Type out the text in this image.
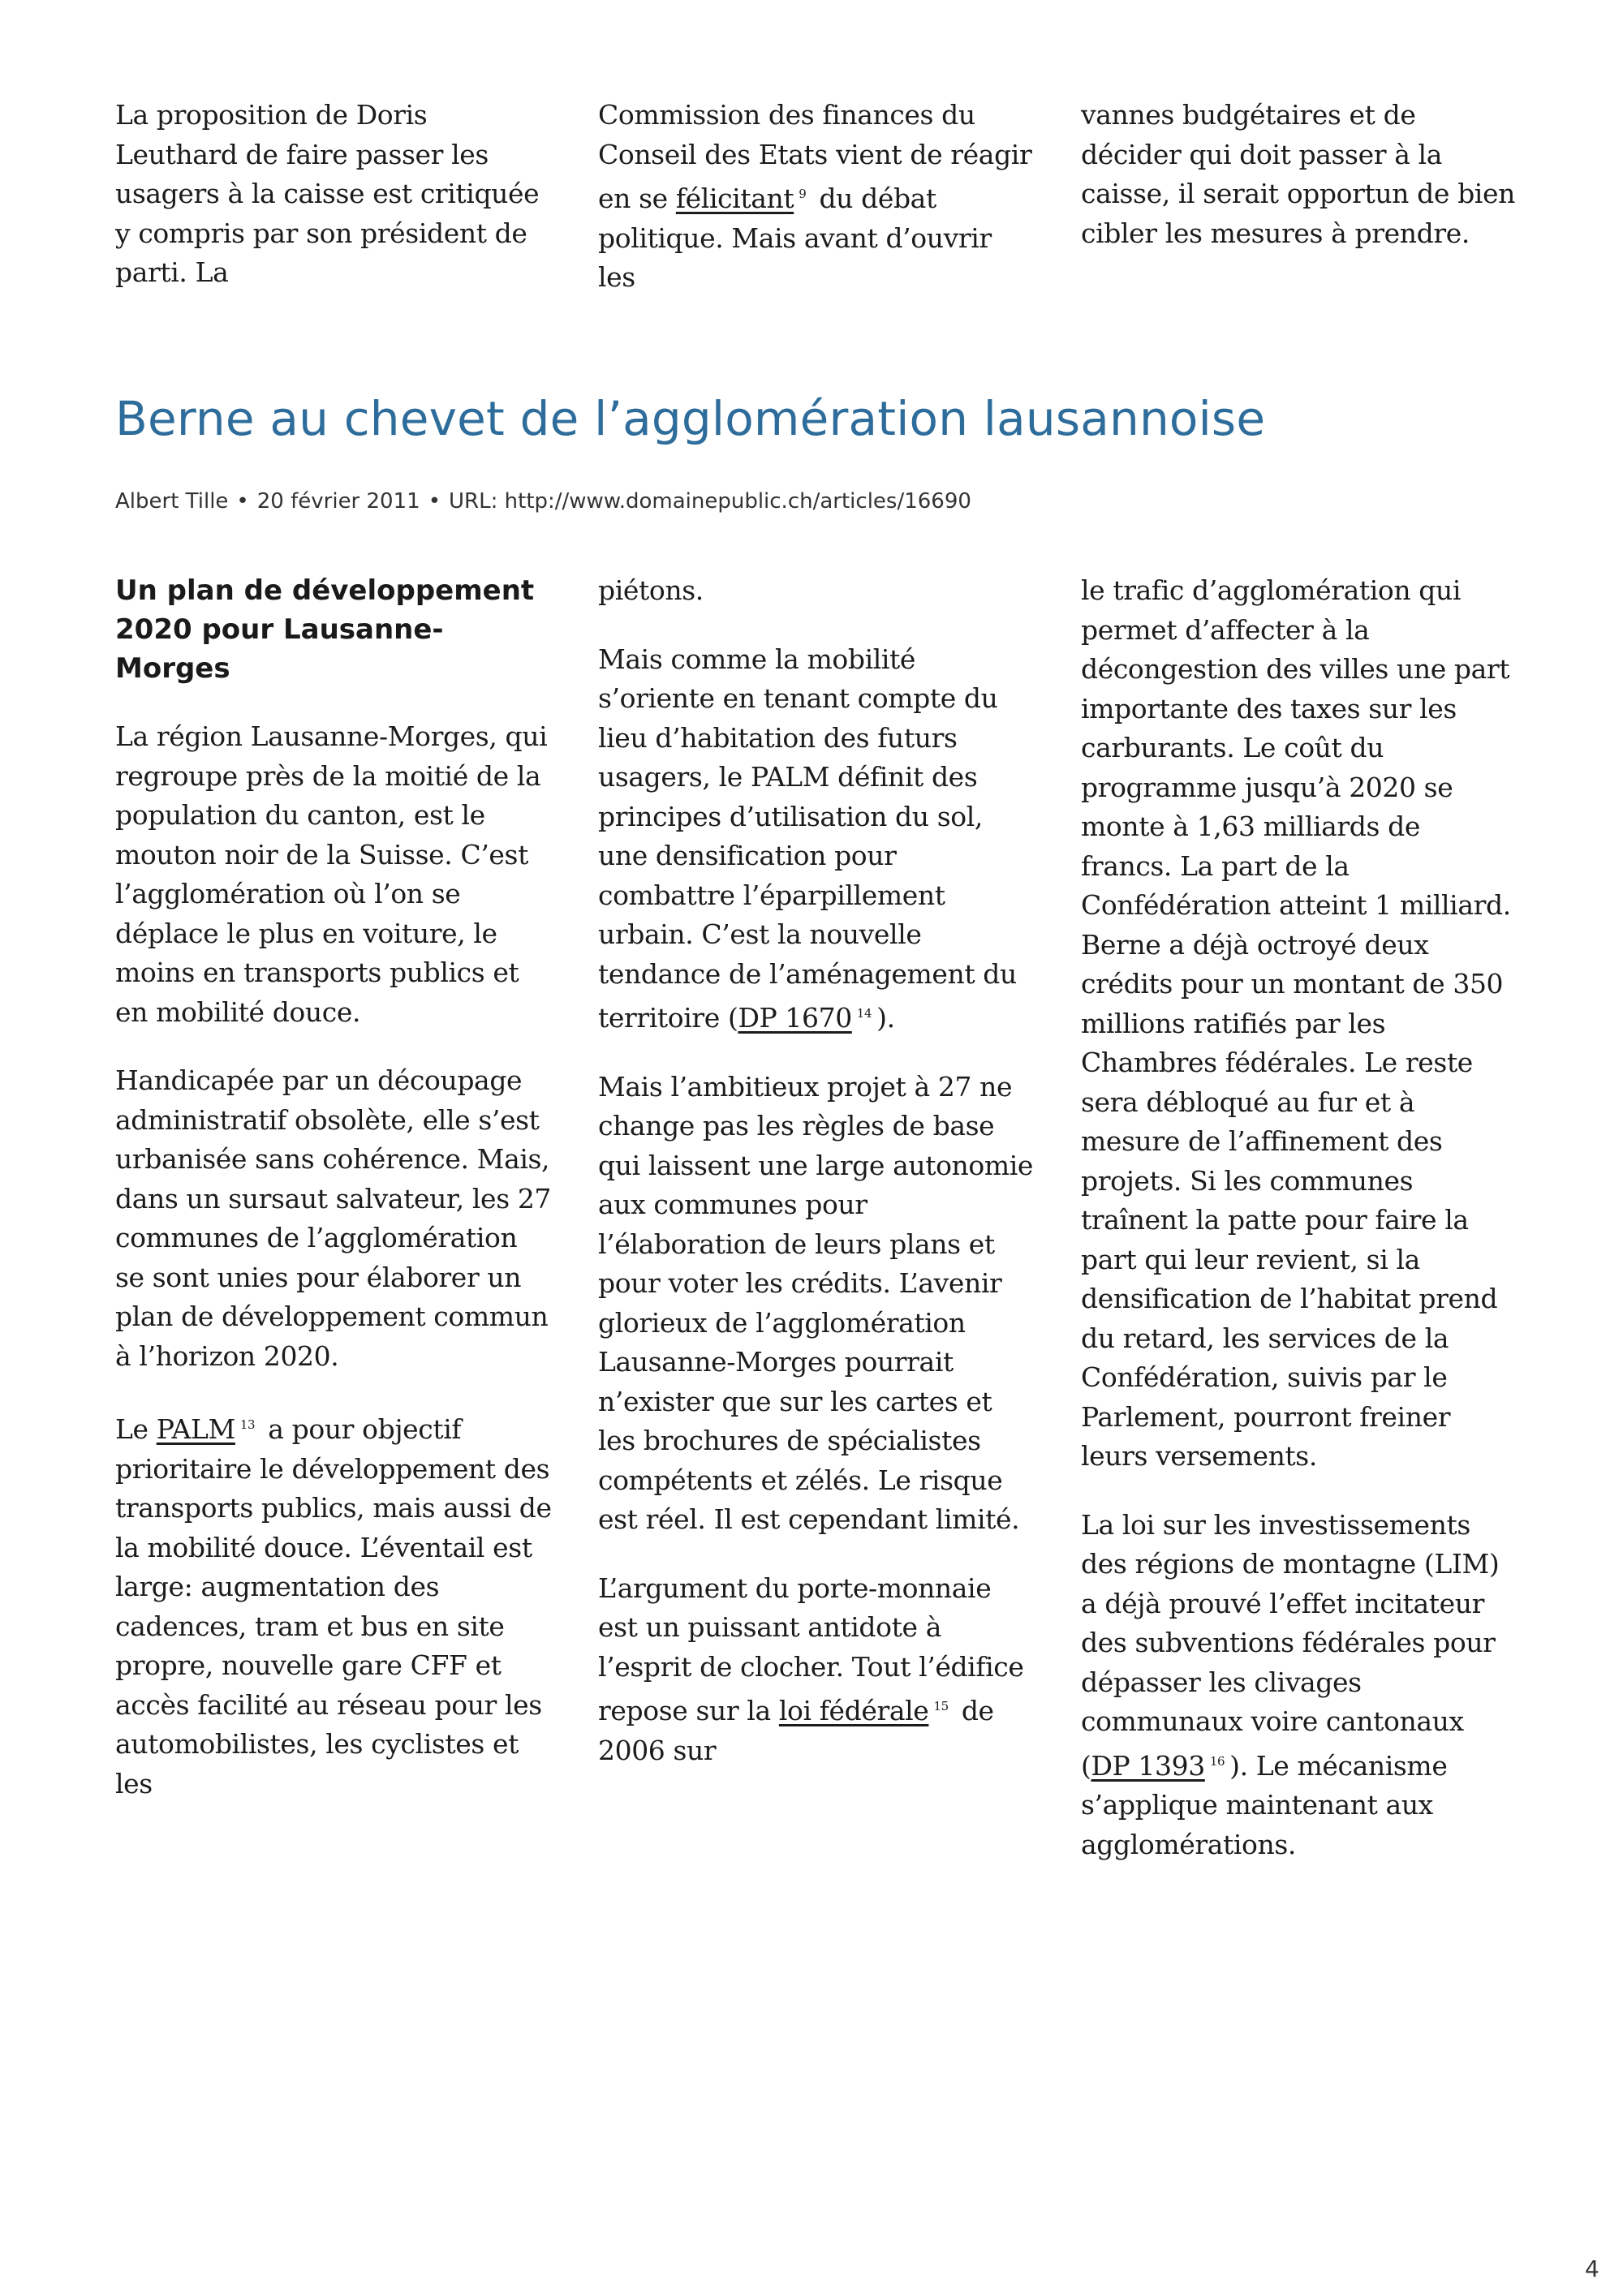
La proposition de Doris Leuthard de faire passer les usagers à la caisse est critiquée y compris par son président de parti. La

Commission des finances du Conseil des Etats vient de réagir en se félicitant $^9$ du débat politique. Mais avant d’ouvrir les

vannes budgétaires et de décider qui doit passer à la caisse, il serait opportun de bien cibler les mesures à prendre.

Berne au chevet de l’agglomération lausannoise
Albert Tille • 20 février 2011 • URL: http://www.domainepublic.ch/articles/16690
Un plan de développement 2020 pour Lausanne-Morges

La région Lausanne-Morges, qui regroupe près de la moitié de la population du canton, est le mouton noir de la Suisse. C’est l’agglomération où l’on se déplace le plus en voiture, le moins en transports publics et en mobilité douce.

Handicapée par un découpage administratif obsolète, elle s’est urbanisée sans cohérence. Mais, dans un sursaut salvateur, les 27 communes de l’agglomération se sont unies pour élaborer un plan de développement commun à l’horizon 2020.

Le PALM $^{13}$ a pour objectif prioritaire le développement des transports publics, mais aussi de la mobilité douce. L’éventail est large: augmentation des cadences, tram et bus en site propre, nouvelle gare CFF et accès facilité au réseau pour les automobilistes, les cyclistes et les

piétons.

Mais comme la mobilité s’oriente en tenant compte du lieu d’habitation des futurs usagers, le PALM définit des principes d’utilisation du sol, une densification pour combattre l’éparpillement urbain. C’est la nouvelle tendance de l’aménagement du territoire (DP 1670 $^{14}$ ).

Mais l’ambitieux projet à 27 ne change pas les règles de base qui laissent une large autonomie aux communes pour l’élaboration de leurs plans et pour voter les crédits. L’avenir glorieux de l’agglomération Lausanne-Morges pourrait n’exister que sur les cartes et les brochures de spécialistes compétents et zélés. Le risque est réel. Il est cependant limité.

L’argument du porte-monnaie est un puissant antidote à l’esprit de clocher. Tout l’édifice repose sur la loi fédérale $^{15}$ de 2006 sur

le trafic d’agglomération qui permet d’affecter à la décongestion des villes une part importante des taxes sur les carburants. Le coût du programme jusqu’à 2020 se monte à 1,63 milliards de francs. La part de la Confédération atteint 1 milliard. Berne a déjà octroyé deux crédits pour un montant de 350 millions ratifiés par les Chambres fédérales. Le reste sera débloqué au fur et à mesure de l’affinement des projets. Si les communes traînent la patte pour faire la part qui leur revient, si la densification de l’habitat prend du retard, les services de la Confédération, suivis par le Parlement, pourront freiner leurs versements.

La loi sur les investissements des régions de montagne (LIM) a déjà prouvé l’effet incitateur des subventions fédérales pour dépasser les clivages communaux voire cantonaux (DP 1393 $^{16}$ ). Le mécanisme s’applique maintenant aux agglomérations.

4
